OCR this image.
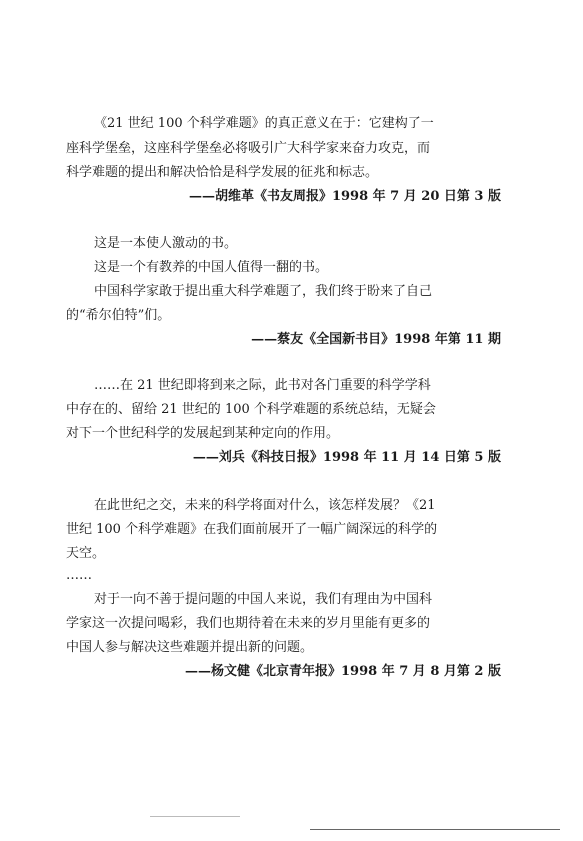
《21 世纪 100 个科学难题》的真正意义在于：它建构了一
座科学堡垒，这座科学堡垒必将吸引广大科学家来奋力攻克，而
科学难题的提出和解决恰恰是科学发展的征兆和标志。
——胡维革《书友周报》1998 年 7 月 20 日第 3 版
这是一本使人激动的书。
这是一个有教养的中国人值得一翻的书。
中国科学家敢于提出重大科学难题了，我们终于盼来了自己
的“希尔伯特”们。
——蔡友《全国新书目》1998 年第 11 期
……在 21 世纪即将到来之际，此书对各门重要的科学学科
中存在的、留给 21 世纪的 100 个科学难题的系统总结，无疑会
对下一个世纪科学的发展起到某种定向的作用。
——刘兵《科技日报》1998 年 11 月 14 日第 5 版
在此世纪之交，未来的科学将面对什么，该怎样发展？《21
世纪 100 个科学难题》在我们面前展开了一幅广阔深远的科学的
天空。
……
对于一向不善于提问题的中国人来说，我们有理由为中国科
学家这一次提问喝彩，我们也期待着在未来的岁月里能有更多的
中国人参与解决这些难题并提出新的问题。
——杨文健《北京青年报》1998 年 7 月 8 月第 2 版
